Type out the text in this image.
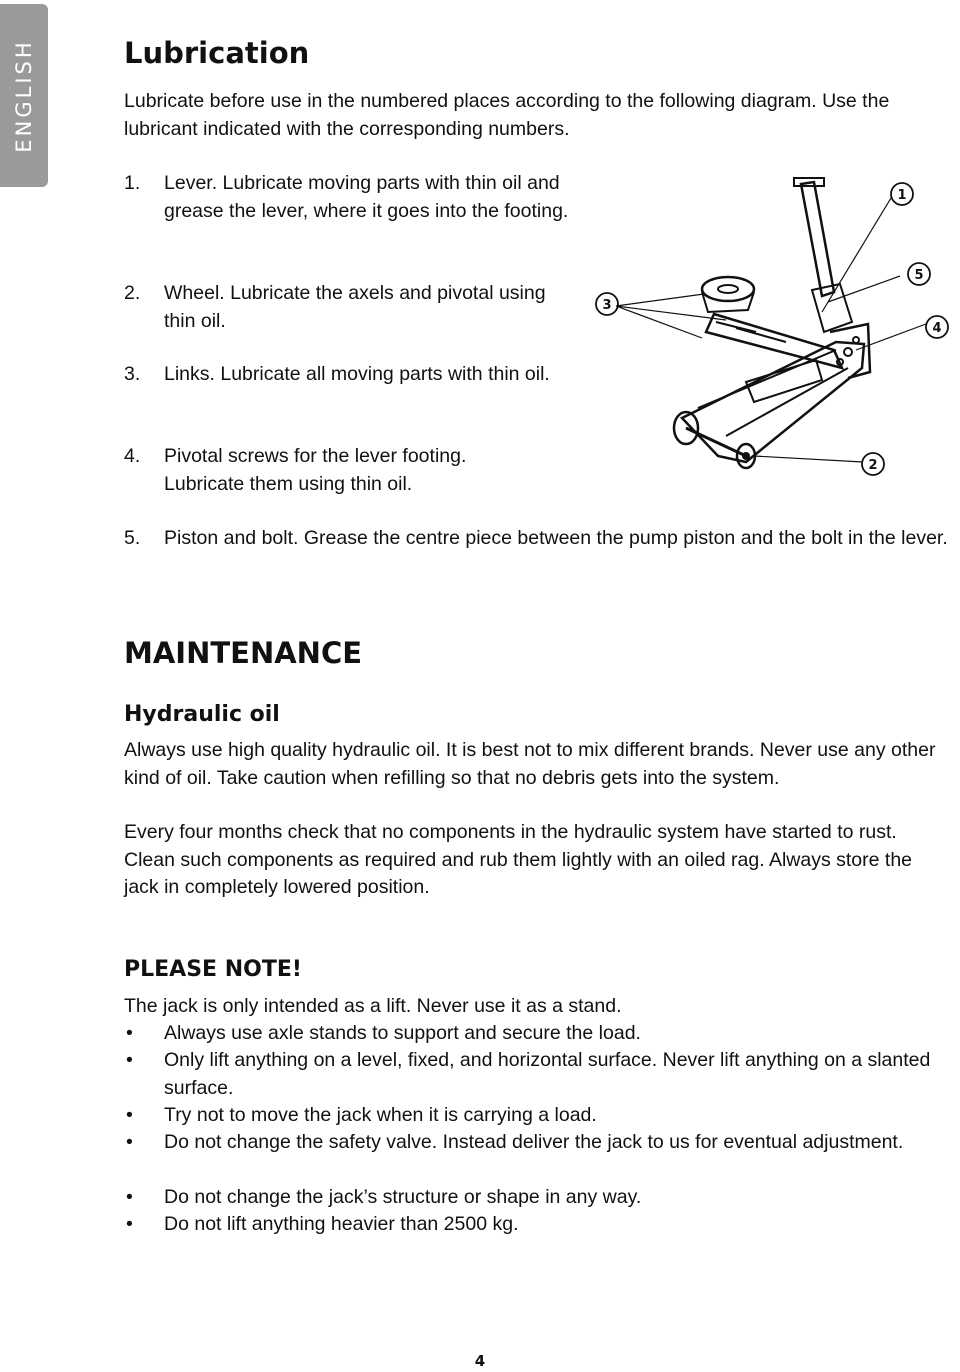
ENGLISH	Lubrication

Lubricate before use in the numbered places according to the following diagram. Use the lubricant indicated with the corresponding numbers.

1. Lever. Lubricate moving parts with thin oil and grease the lever, where it goes into the footing.
2. Wheel. Lubricate the axels and pivotal using thin oil.
3. Links. Lubricate all moving parts with thin oil.
4. Pivotal screws for the lever footing. Lubricate them using thin oil.
5. Piston and bolt. Grease the centre piece between the pump piston and the bolt in the lever.
1
2
3
4
5
MAINTENANCE
Hydraulic oil

Always use high quality hydraulic oil. It is best not to mix different brands. Never use any other kind of oil. Take caution when refilling so that no debris gets into the system.

Every four months check that no components in the hydraulic system have started to rust. Clean such components as required and rub them lightly with an oiled rag. Always store the jack in completely lowered position.

PLEASE NOTE!

The jack is only intended as a lift. Never use it as a stand.

• Always use axle stands to support and secure the load.
• Only lift anything on a level, fixed, and horizontal surface. Never lift anything on a slanted surface.
• Try not to move the jack when it is carrying a load.
• Do not change the safety valve. Instead deliver the jack to us for eventual adjustment.
• Do not change the jack’s structure or shape in any way.
• Do not lift anything heavier than 2500 kg.
4
